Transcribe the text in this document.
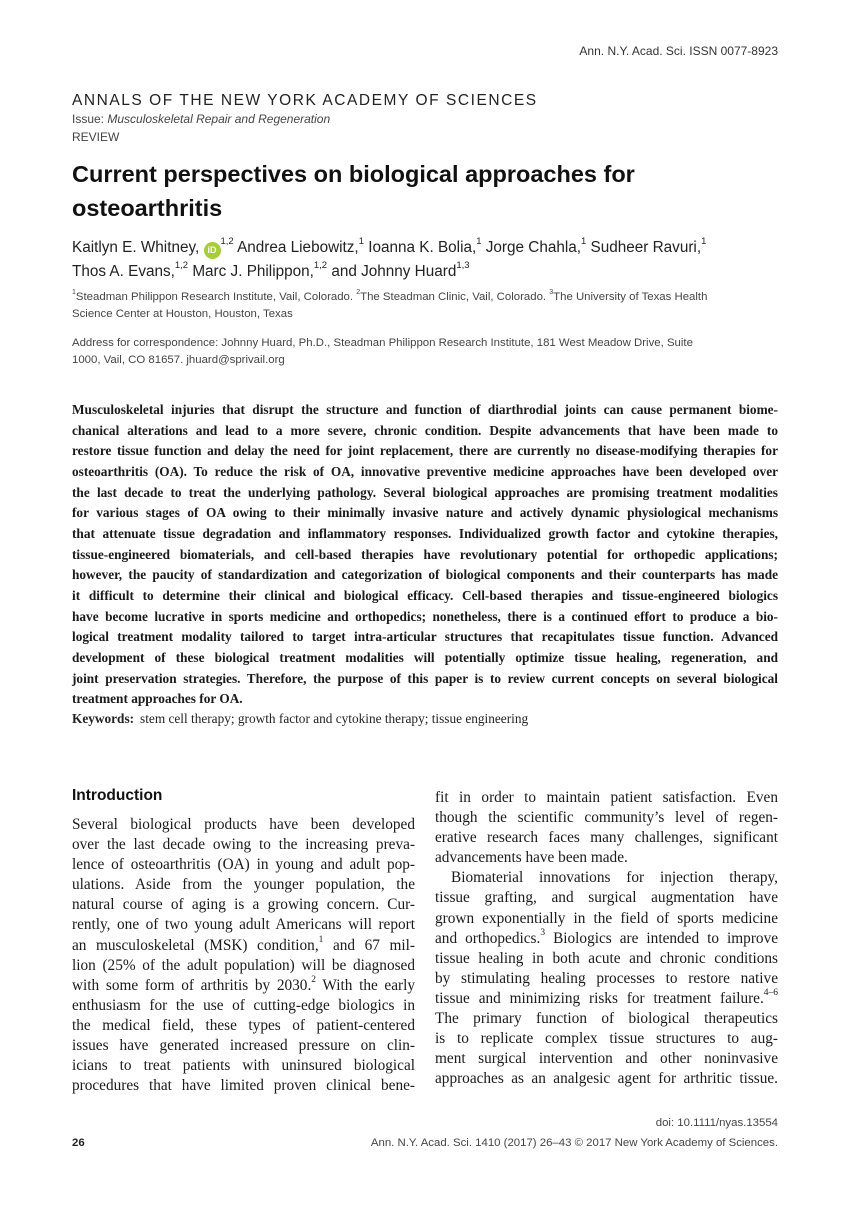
Ann. N.Y. Acad. Sci. ISSN 0077-8923
ANNALS OF THE NEW YORK ACADEMY OF SCIENCES
Issue: Musculoskeletal Repair and Regeneration
REVIEW
Current perspectives on biological approaches for
osteoarthritis
Kaitlyn E. Whitney, iD$^{1,2}$ Andrea Liebowitz,$^1$ Ioanna K. Bolia,$^1$ Jorge Chahla,$^1$ Sudheer Ravuri,$^1$
Thos A. Evans,$^{1,2}$ Marc J. Philippon,$^{1,2}$ and Johnny Huard$^{1,3}$
$^1$Steadman Philippon Research Institute, Vail, Colorado. $^2$The Steadman Clinic, Vail, Colorado. $^3$The University of Texas Health
Science Center at Houston, Houston, Texas
Address for correspondence: Johnny Huard, Ph.D., Steadman Philippon Research Institute, 181 West Meadow Drive, Suite
1000, Vail, CO 81657. jhuard@sprivail.org
Musculoskeletal injuries that disrupt the structure and function of diarthrodial joints can cause permanent biome-
chanical alterations and lead to a more severe, chronic condition. Despite advancements that have been made to
restore tissue function and delay the need for joint replacement, there are currently no disease-modifying therapies for
osteoarthritis (OA). To reduce the risk of OA, innovative preventive medicine approaches have been developed over
the last decade to treat the underlying pathology. Several biological approaches are promising treatment modalities
for various stages of OA owing to their minimally invasive nature and actively dynamic physiological mechanisms
that attenuate tissue degradation and inflammatory responses. Individualized growth factor and cytokine therapies,
tissue-engineered biomaterials, and cell-based therapies have revolutionary potential for orthopedic applications;
however, the paucity of standardization and categorization of biological components and their counterparts has made
it difficult to determine their clinical and biological efficacy. Cell-based therapies and tissue-engineered biologics
have become lucrative in sports medicine and orthopedics; nonetheless, there is a continued effort to produce a bio-
logical treatment modality tailored to target intra-articular structures that recapitulates tissue function. Advanced
development of these biological treatment modalities will potentially optimize tissue healing, regeneration, and
joint preservation strategies. Therefore, the purpose of this paper is to review current concepts on several biological
treatment approaches for OA.
Keywords: stem cell therapy; growth factor and cytokine therapy; tissue engineering
Introduction
Several biological products have been developed
over the last decade owing to the increasing preva-
lence of osteoarthritis (OA) in young and adult pop-
ulations. Aside from the younger population, the
natural course of aging is a growing concern. Cur-
rently, one of two young adult Americans will report
an musculoskeletal (MSK) condition,$^1$ and 67 mil-
lion (25% of the adult population) will be diagnosed
with some form of arthritis by 2030.$^2$ With the early
enthusiasm for the use of cutting-edge biologics in
the medical field, these types of patient-centered
issues have generated increased pressure on clin-
icians to treat patients with uninsured biological
procedures that have limited proven clinical bene-
fit in order to maintain patient satisfaction. Even
though the scientific community’s level of regen-
erative research faces many challenges, significant
advancements have been made.
Biomaterial innovations for injection therapy,
tissue grafting, and surgical augmentation have
grown exponentially in the field of sports medicine
and orthopedics.$^3$ Biologics are intended to improve
tissue healing in both acute and chronic conditions
by stimulating healing processes to restore native
tissue and minimizing risks for treatment failure.$^{4-6}$
The primary function of biological therapeutics
is to replicate complex tissue structures to aug-
ment surgical intervention and other noninvasive
approaches as an analgesic agent for arthritic tissue.
doi: 10.1111/nyas.13554
26	Ann. N.Y. Acad. Sci. 1410 (2017) 26–43 © 2017 New York Academy of Sciences.
